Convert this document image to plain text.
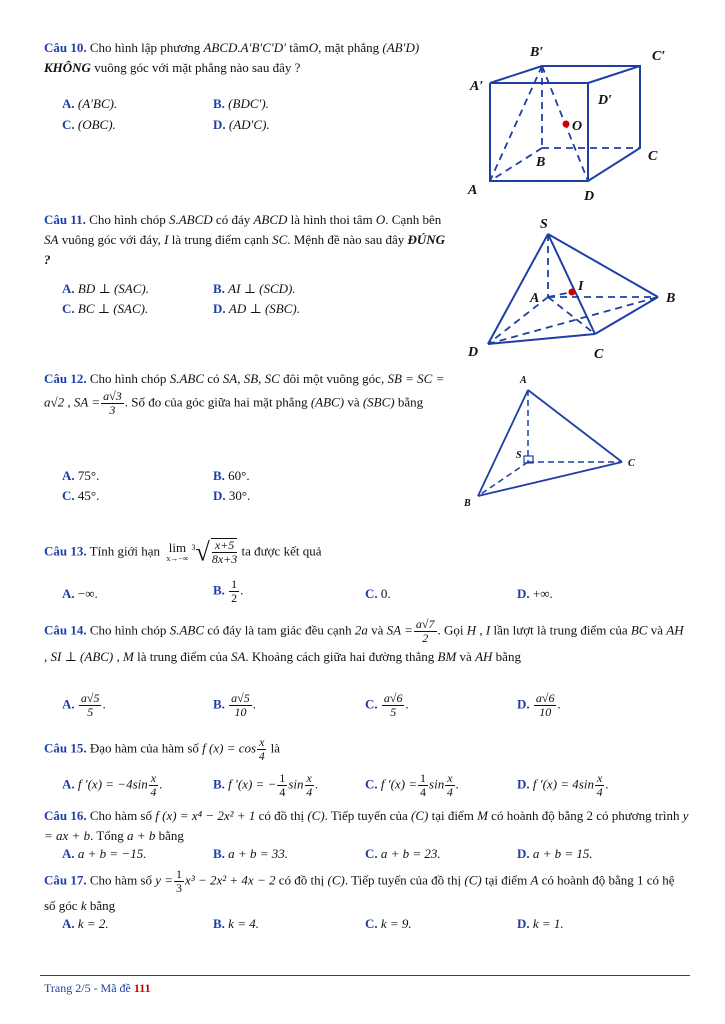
Câu 10. Cho hình lập phương ABCD.A′B′C′D′ tâmO, mặt phẳng (AB′D) KHÔNG vuông góc với mặt phẳng nào sau đây ?
A. (A′BC).	B. (BDC′).
C. (OBC).	D. (AD′C).
B′	C′
A′
D′
O
B	C
A	D
Câu 11. Cho hình chóp S.ABCD có đáy ABCD là hình thoi tâm O. Cạnh bên SA vuông góc với đáy, I là trung điểm cạnh SC. Mệnh đề nào sau đây ĐÚNG ?
A. BD ⊥ (SAC).	B. AI ⊥ (SCD).
C. BC ⊥ (SAC).	D. AD ⊥ (SBC).
S
I
A	B
D	C
Câu 12. Cho hình chóp S.ABC có SA, SB, SC đôi một vuông góc, SB = SC = a√2 , SA = $\frac{a√3}{3}$ . Số đo của góc giữa hai mặt phẳng (ABC) và (SBC) bằng
A. 75°.	B. 60°.
C. 45°.	D. 30°.
A
S
C
B
Câu 13. Tính giới hạn lim
x→−∞
$^3√ \frac{x+5}{8x+3}$ ta được kết quả
A. −∞.	B. $\frac{1}{2}$ .	C. 0.	D. +∞.
Câu 14. Cho hình chóp S.ABC có đáy là tam giác đều cạnh 2a và SA = $\frac{a√7}{2}$ . Gọi H , I lần lượt là trung điểm của BC và AH , SI ⊥ (ABC) , M là trung điểm của SA. Khoảng cách giữa hai đường thẳng BM và AH bằng
A. $\frac{a√5}{5}$ .	B. $\frac{a√5}{10}$ .	C. $\frac{a√6}{5}$ .	D. $\frac{a√6}{10}$ .
Câu 15. Đạo hàm của hàm số f $(x) = \cos \frac{x}{4}$ là
A. f $'(x) = -4\sin \frac{x}{4}$ .	B. f ′(x) = − $\frac{1}{4}$ $\sin \frac{x}{4}$ .	C. f $'(x) = \frac{1}{4}$ $\sin \frac{x}{4}$ .	D. f $'(x) = 4\sin \frac{x}{4}$ .
Câu 16. Cho hàm số f (x) = x⁴ − 2x² + 1 có đồ thị (C). Tiếp tuyến của (C) tại điểm M có hoành độ bằng 2 có phương trình y = ax + b. Tổng a + b bằng
A. a + b = −15.	B. a + b = 33.	C. a + b = 23.	D. a + b = 15.
Câu 17. Cho hàm số $y = \frac{1}{3} x^3 - 2x^2 + 4x - 2$ có đồ thị (C). Tiếp tuyến của đồ thị (C) tại điểm A có hoành độ bằng 1 có hệ số góc k bằng
A. k = 2.	B. k = 4.	C. k = 9.	D. k = 1.
Trang 2/5 - Mã đề 111
